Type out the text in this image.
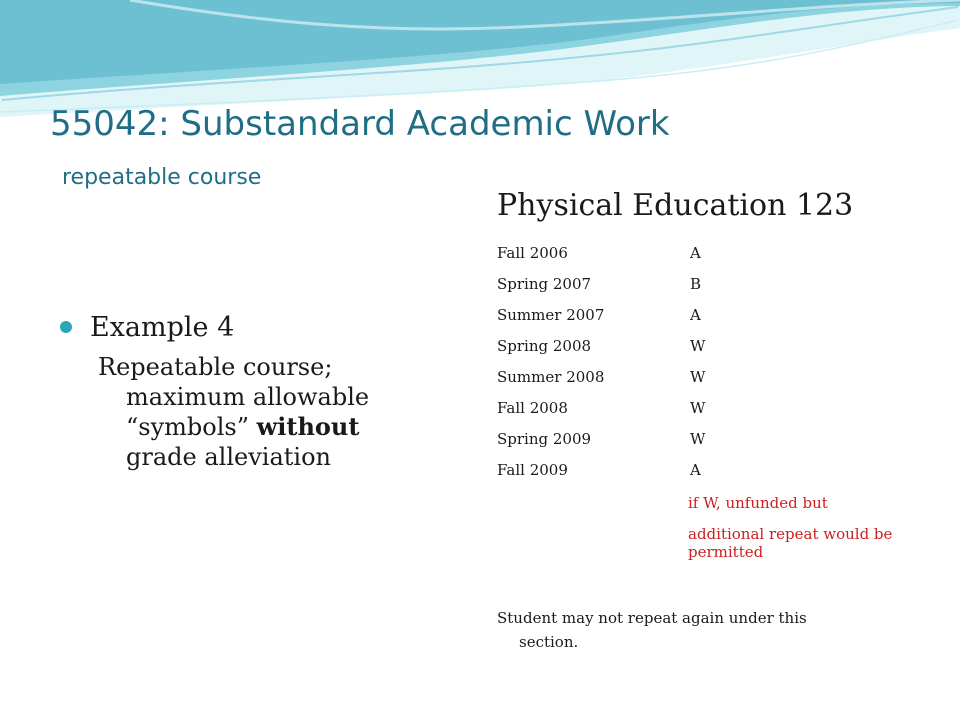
55042: Substandard Academic Work
repeatable course
Example 4

Repeatable course;

maximum allowable
“symbols” without
grade alleviation

Physical Education 123
Fall 2006	A
Spring 2007	B
Summer 2007	A
Spring 2008	W
Summer 2008	W
Fall 2008	W
Spring 2009	W
Fall 2009	A

if W, unfunded but
additional repeat would be permitted

Student may not repeat again under this
section.
